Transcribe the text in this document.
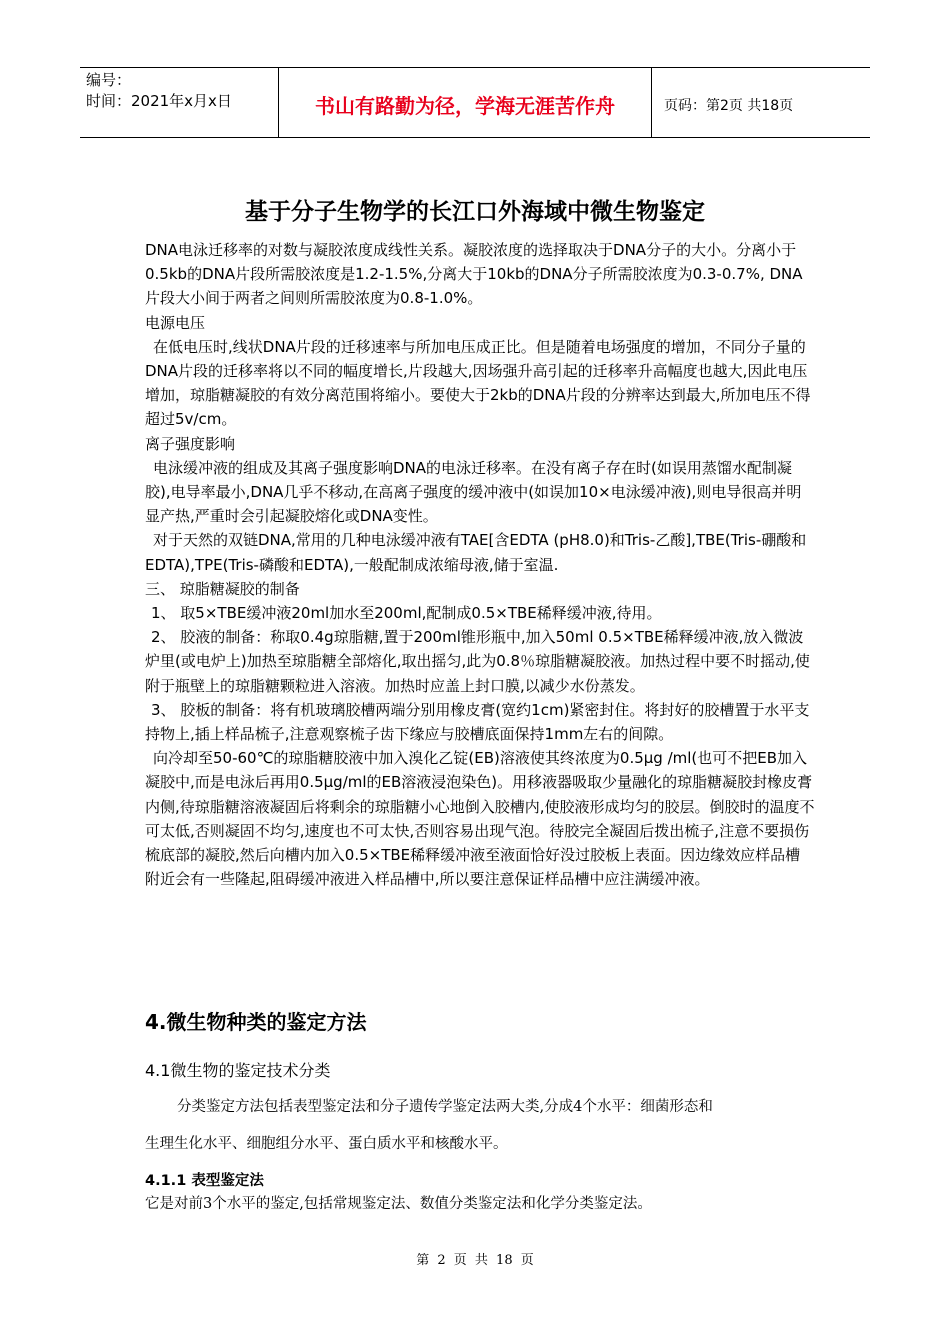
编号：
时间：2021年x月x日	书山有路勤为径，学海无涯苦作舟	页码：第2页 共18页
基于分子生物学的长江口外海域中微生物鉴定

DNA电泳迁移率的对数与凝胶浓度成线性关系。凝胶浓度的选择取决于DNA分子的大小。分离小于0.5kb的DNA片段所需胶浓度是1.2-1.5%,分离大于10kb的DNA分子所需胶浓度为0.3-0.7%, DNA片段大小间于两者之间则所需胶浓度为0.8-1.0%。

电源电压

在低电压时,线状DNA片段的迁移速率与所加电压成正比。但是随着电场强度的增加，不同分子量的DNA片段的迁移率将以不同的幅度增长,片段越大,因场强升高引起的迁移率升高幅度也越大,因此电压增加，琼脂糖凝胶的有效分离范围将缩小。要使大于2kb的DNA片段的分辨率达到最大,所加电压不得超过5v/cm。

离子强度影响

电泳缓冲液的组成及其离子强度影响DNA的电泳迁移率。在没有离子存在时(如误用蒸馏水配制凝胶),电导率最小,DNA几乎不移动,在高离子强度的缓冲液中(如误加10×电泳缓冲液),则电导很高并明显产热,严重时会引起凝胶熔化或DNA变性。

对于天然的双链DNA,常用的几种电泳缓冲液有TAE[含EDTA (pH8.0)和Tris-乙酸],TBE(Tris-硼酸和EDTA),TPE(Tris-磷酸和EDTA),一般配制成浓缩母液,储于室温.

三、 琼脂糖凝胶的制备

1、 取5×TBE缓冲液20ml加水至200ml,配制成0.5×TBE稀释缓冲液,待用。

2、 胶液的制备：称取0.4g琼脂糖,置于200ml锥形瓶中,加入50ml 0.5×TBE稀释缓冲液,放入微波炉里(或电炉上)加热至琼脂糖全部熔化,取出摇匀,此为0.8％琼脂糖凝胶液。加热过程中要不时摇动,使附于瓶壁上的琼脂糖颗粒进入溶液。加热时应盖上封口膜,以减少水份蒸发。

3、 胶板的制备：将有机玻璃胶槽两端分别用橡皮膏(宽约1cm)紧密封住。将封好的胶槽置于水平支持物上,插上样品梳子,注意观察梳子齿下缘应与胶槽底面保持1mm左右的间隙。

向冷却至50-60℃的琼脂糖胶液中加入溴化乙锭(EB)溶液使其终浓度为0.5μg /ml(也可不把EB加入凝胶中,而是电泳后再用0.5μg/ml的EB溶液浸泡染色)。用移液器吸取少量融化的琼脂糖凝胶封橡皮膏内侧,待琼脂糖溶液凝固后将剩余的琼脂糖小心地倒入胶槽内,使胶液形成均匀的胶层。倒胶时的温度不可太低,否则凝固不均匀,速度也不可太快,否则容易出现气泡。待胶完全凝固后拨出梳子,注意不要损伤梳底部的凝胶,然后向槽内加入0.5×TBE稀释缓冲液至液面恰好没过胶板上表面。因边缘效应样品槽附近会有一些隆起,阻碍缓冲液进入样品槽中,所以要注意保证样品槽中应注满缓冲液。

4.微生物种类的鉴定方法
4.1微生物的鉴定技术分类
分类鉴定方法包括表型鉴定法和分子遗传学鉴定法两大类,分成4个水平：细菌形态和
生理生化水平、细胞组分水平、蛋白质水平和核酸水平。
4.1.1 表型鉴定法
它是对前3个水平的鉴定,包括常规鉴定法、数值分类鉴定法和化学分类鉴定法。
第 2 页 共 18 页
